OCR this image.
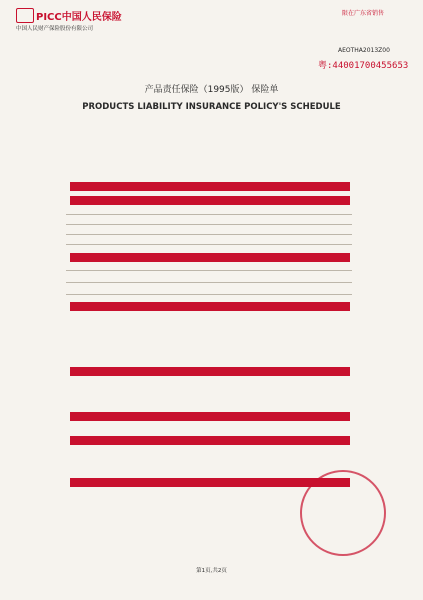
PICC中国人民保险
中国人民财产保险股份有限公司
限在广东省销售
AEOTHA2013Z00
粤:440017004556​53
产品责任保险（1995版） 保险单
PRODUCTS LIABILITY INSURANCE POLICY'S SCHEDULE
第1页,共2页
